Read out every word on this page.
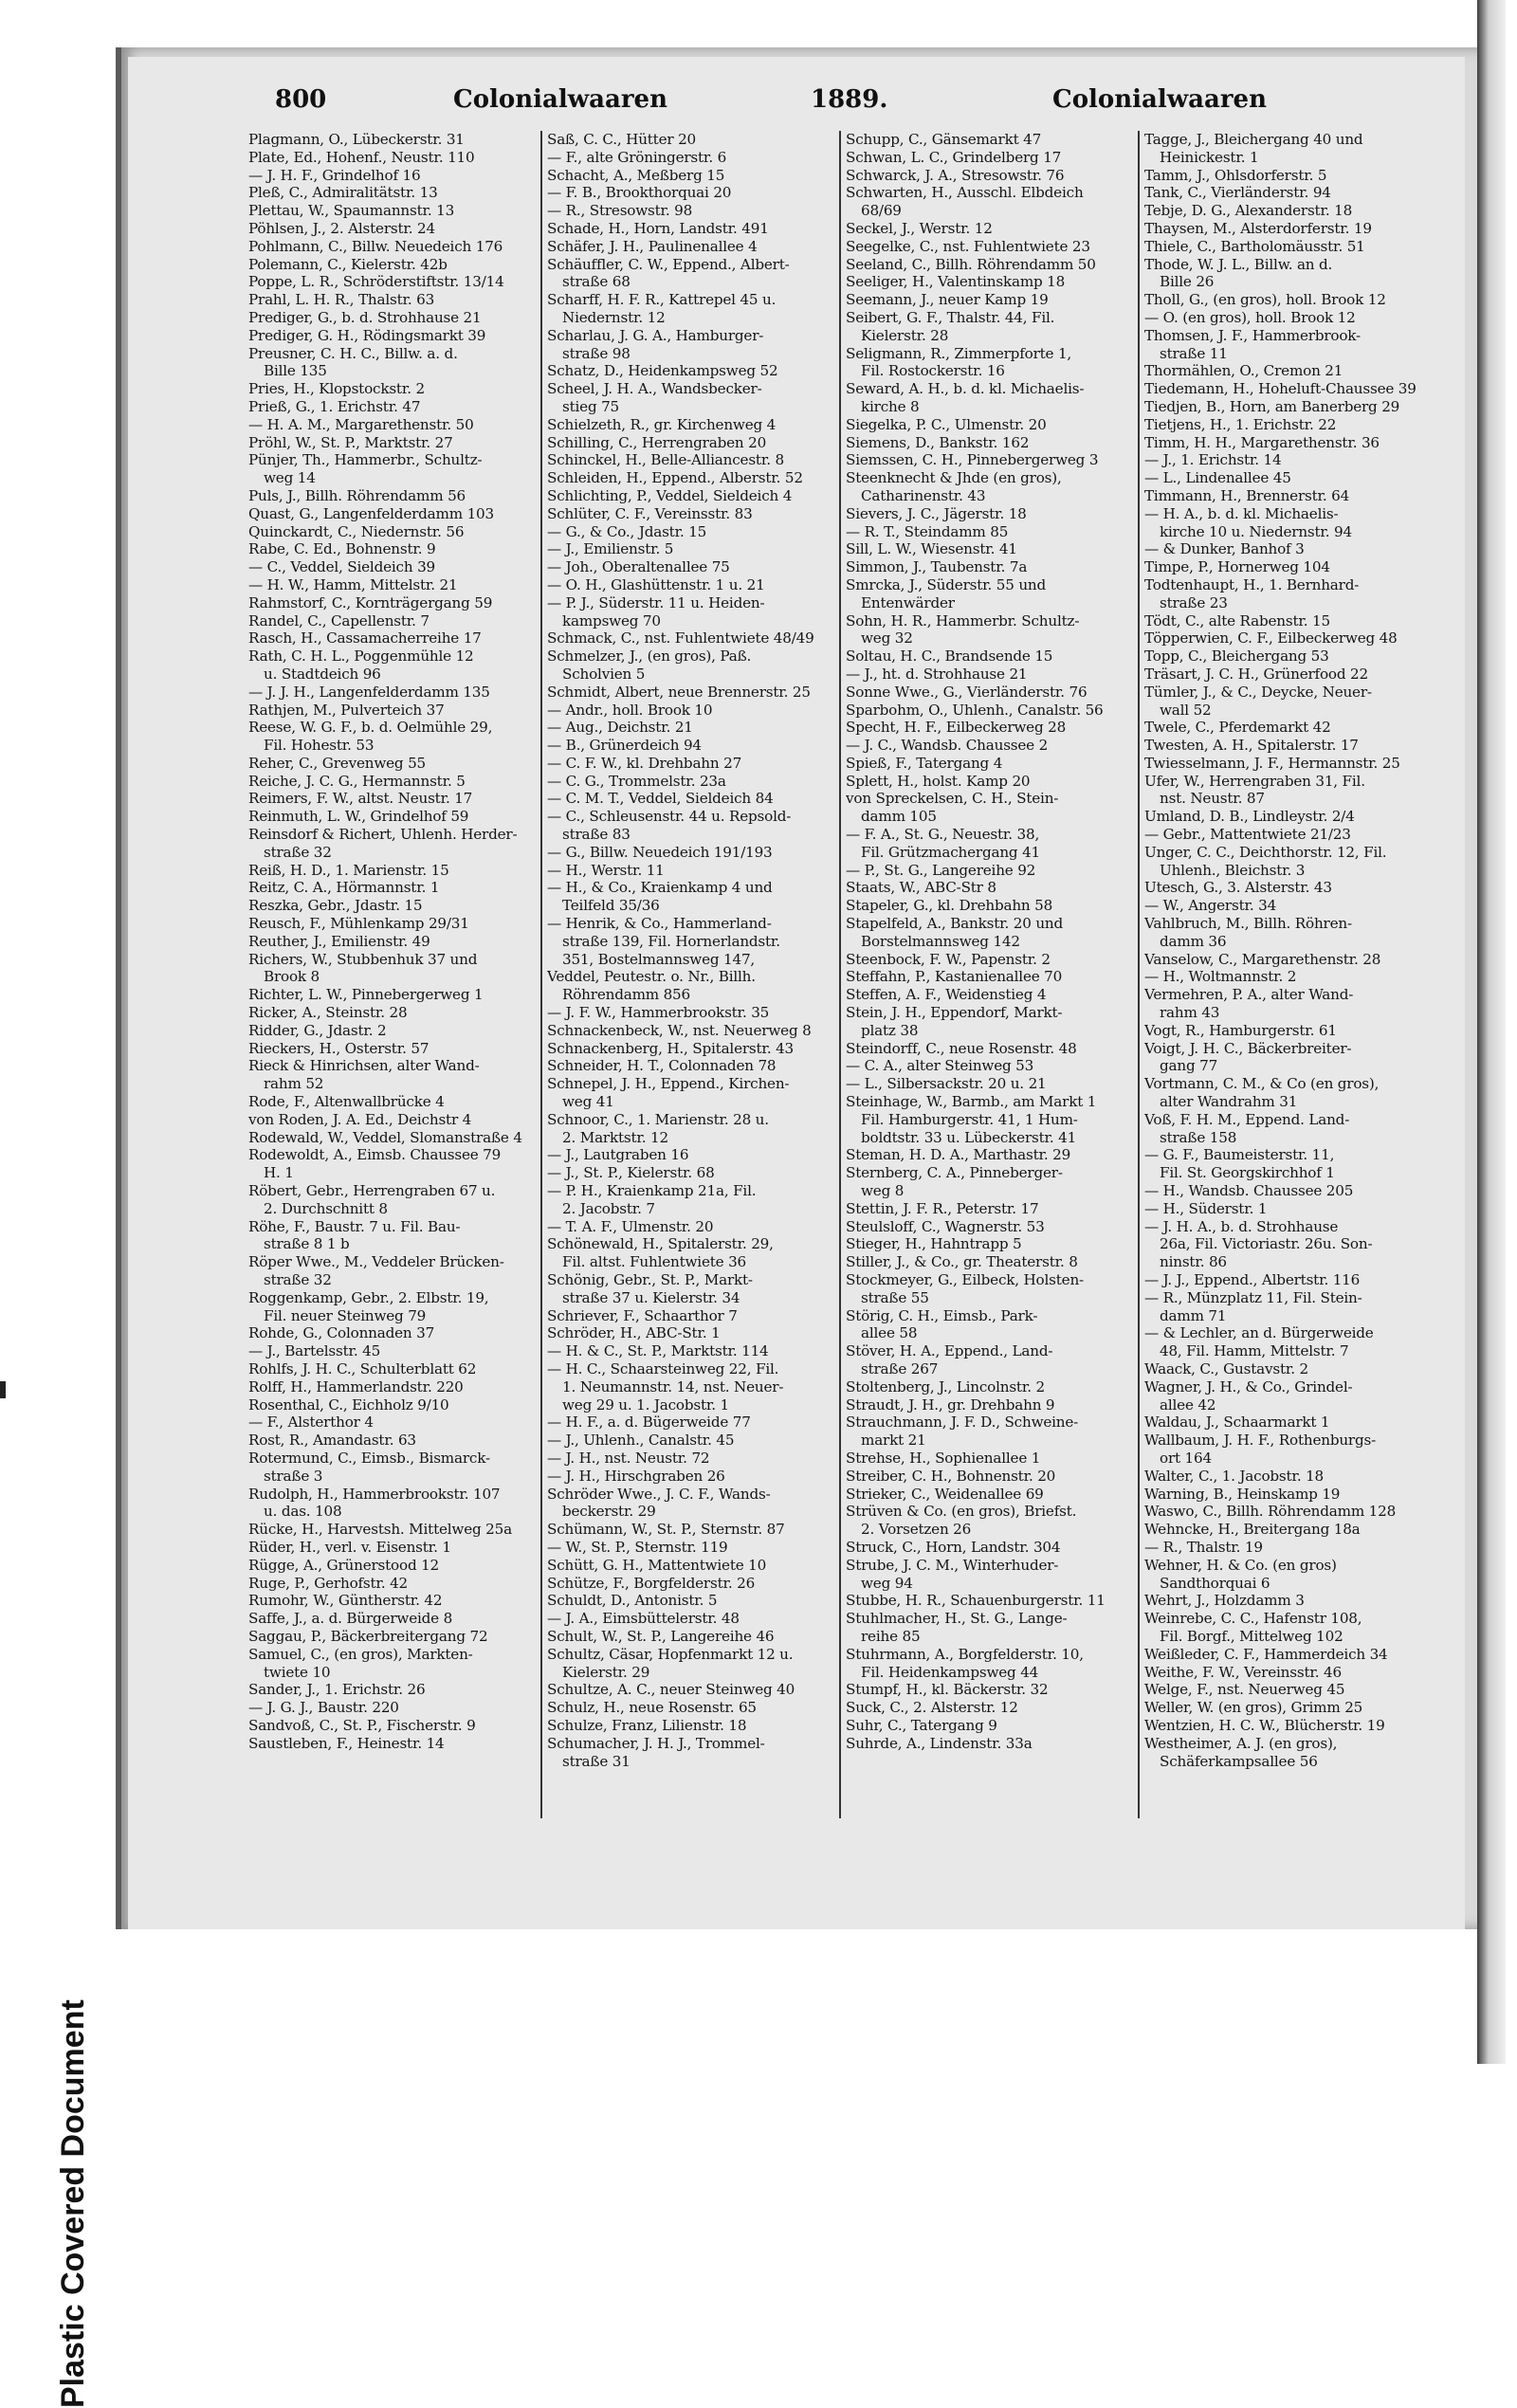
Plastic Covered Document
800	Colonialwaaren	1889.	Colonialwaaren
Plagmann, O., Lübeckerstr. 31
Plate, Ed., Hohenf., Neustr. 110
— J. H. F., Grindelhof 16
Pleß, C., Admiralitätstr. 13
Plettau, W., Spaumannstr. 13
Pöhlsen, J., 2. Alsterstr. 24
Pohlmann, C., Billw. Neuedeich 176
Polemann, C., Kielerstr. 42b
Poppe, L. R., Schröderstiftstr. 13/14
Prahl, L. H. R., Thalstr. 63
Prediger, G., b. d. Strohhause 21
Prediger, G. H., Rödingsmarkt 39
Preusner, C. H. C., Billw. a. d.
Bille 135
Pries, H., Klopstockstr. 2
Prieß, G., 1. Erichstr. 47
— H. A. M., Margarethenstr. 50
Pröhl, W., St. P., Marktstr. 27
Pünjer, Th., Hammerbr., Schultz-
weg 14
Puls, J., Billh. Röhrendamm 56
Quast, G., Langenfelderdamm 103
Quinckardt, C., Niedernstr. 56
Rabe, C. Ed., Bohnenstr. 9
— C., Veddel, Sieldeich 39
— H. W., Hamm, Mittelstr. 21
Rahmstorf, C., Kornträgergang 59
Randel, C., Capellenstr. 7
Rasch, H., Cassamacherreihe 17
Rath, C. H. L., Poggenmühle 12
u. Stadtdeich 96
— J. J. H., Langenfelderdamm 135
Rathjen, M., Pulverteich 37
Reese, W. G. F., b. d. Oelmühle 29,
Fil. Hohestr. 53
Reher, C., Grevenweg 55
Reiche, J. C. G., Hermannstr. 5
Reimers, F. W., altst. Neustr. 17
Reinmuth, L. W., Grindelhof 59
Reinsdorf & Richert, Uhlenh. Herder-
straße 32
Reiß, H. D., 1. Marienstr. 15
Reitz, C. A., Hörmannstr. 1
Reszka, Gebr., Jdastr. 15
Reusch, F., Mühlenkamp 29/31
Reuther, J., Emilienstr. 49
Richers, W., Stubbenhuk 37 und
Brook 8
Richter, L. W., Pinnebergerweg 1
Ricker, A., Steinstr. 28
Ridder, G., Jdastr. 2
Rieckers, H., Osterstr. 57
Rieck & Hinrichsen, alter Wand-
rahm 52
Rode, F., Altenwallbrücke 4
von Roden, J. A. Ed., Deichstr 4
Rodewald, W., Veddel, Slomanstraße 4
Rodewoldt, A., Eimsb. Chaussee 79
H. 1
Röbert, Gebr., Herrengraben 67 u.
2. Durchschnitt 8
Röhe, F., Baustr. 7 u. Fil. Bau-
straße 8 1 b
Röper Wwe., M., Veddeler Brücken-
straße 32
Roggenkamp, Gebr., 2. Elbstr. 19,
Fil. neuer Steinweg 79
Rohde, G., Colonnaden 37
— J., Bartelsstr. 45
Rohlfs, J. H. C., Schulterblatt 62
Rolff, H., Hammerlandstr. 220
Rosenthal, C., Eichholz 9/10
— F., Alsterthor 4
Rost, R., Amandastr. 63
Rotermund, C., Eimsb., Bismarck-
straße 3
Rudolph, H., Hammerbrookstr. 107
u. das. 108
Rücke, H., Harvestsh. Mittelweg 25a
Rüder, H., verl. v. Eisenstr. 1
Rügge, A., Grünerstood 12
Ruge, P., Gerhofstr. 42
Rumohr, W., Güntherstr. 42
Saffe, J., a. d. Bürgerweide 8
Saggau, P., Bäckerbreitergang 72
Samuel, C., (en gros), Markten-
twiete 10
Sander, J., 1. Erichstr. 26
— J. G. J., Baustr. 220
Sandvoß, C., St. P., Fischerstr. 9
Saustleben, F., Heinestr. 14
Saß, C. C., Hütter 20
— F., alte Gröningerstr. 6
Schacht, A., Meßberg 15
— F. B., Brookthorquai 20
— R., Stresowstr. 98
Schade, H., Horn, Landstr. 491
Schäfer, J. H., Paulinenallee 4
Schäuffler, C. W., Eppend., Albert-
straße 68
Scharff, H. F. R., Kattrepel 45 u.
Niedernstr. 12
Scharlau, J. G. A., Hamburger-
straße 98
Schatz, D., Heidenkampsweg 52
Scheel, J. H. A., Wandsbecker-
stieg 75
Schielzeth, R., gr. Kirchenweg 4
Schilling, C., Herrengraben 20
Schinckel, H., Belle-Alliancestr. 8
Schleiden, H., Eppend., Alberstr. 52
Schlichting, P., Veddel, Sieldeich 4
Schlüter, C. F., Vereinsstr. 83
— G., & Co., Jdastr. 15
— J., Emilienstr. 5
— Joh., Oberaltenallee 75
— O. H., Glashüttenstr. 1 u. 21
— P. J., Süderstr. 11 u. Heiden-
kampsweg 70
Schmack, C., nst. Fuhlentwiete 48/49
Schmelzer, J., (en gros), Paß.
Scholvien 5
Schmidt, Albert, neue Brennerstr. 25
— Andr., holl. Brook 10
— Aug., Deichstr. 21
— B., Grünerdeich 94
— C. F. W., kl. Drehbahn 27
— C. G., Trommelstr. 23a
— C. M. T., Veddel, Sieldeich 84
— C., Schleusenstr. 44 u. Repsold-
straße 83
— G., Billw. Neuedeich 191/193
— H., Werstr. 11
— H., & Co., Kraienkamp 4 und
Teilfeld 35/36
— Henrik, & Co., Hammerland-
straße 139, Fil. Hornerlandstr.
351, Bostelmannsweg 147,
Veddel, Peutestr. o. Nr., Billh.
Röhrendamm 856
— J. F. W., Hammerbrookstr. 35
Schnackenbeck, W., nst. Neuerweg 8
Schnackenberg, H., Spitalerstr. 43
Schneider, H. T., Colonnaden 78
Schnepel, J. H., Eppend., Kirchen-
weg 41
Schnoor, C., 1. Marienstr. 28 u.
2. Marktstr. 12
— J., Lautgraben 16
— J., St. P., Kielerstr. 68
— P. H., Kraienkamp 21a, Fil.
2. Jacobstr. 7
— T. A. F., Ulmenstr. 20
Schönewald, H., Spitalerstr. 29,
Fil. altst. Fuhlentwiete 36
Schönig, Gebr., St. P., Markt-
straße 37 u. Kielerstr. 34
Schriever, F., Schaarthor 7
Schröder, H., ABC-Str. 1
— H. & C., St. P., Marktstr. 114
— H. C., Schaarsteinweg 22, Fil.
1. Neumannstr. 14, nst. Neuer-
weg 29 u. 1. Jacobstr. 1
— H. F., a. d. Bügerweide 77
— J., Uhlenh., Canalstr. 45
— J. H., nst. Neustr. 72
— J. H., Hirschgraben 26
Schröder Wwe., J. C. F., Wands-
beckerstr. 29
Schümann, W., St. P., Sternstr. 87
— W., St. P., Sternstr. 119
Schütt, G. H., Mattentwiete 10
Schütze, F., Borgfelderstr. 26
Schuldt, D., Antonistr. 5
— J. A., Eimsbüttelerstr. 48
Schult, W., St. P., Langereihe 46
Schultz, Cäsar, Hopfenmarkt 12 u.
Kielerstr. 29
Schultze, A. C., neuer Steinweg 40
Schulz, H., neue Rosenstr. 65
Schulze, Franz, Lilienstr. 18
Schumacher, J. H. J., Trommel-
straße 31
Schupp, C., Gänsemarkt 47
Schwan, L. C., Grindelberg 17
Schwarck, J. A., Stresowstr. 76
Schwarten, H., Ausschl. Elbdeich
68/69
Seckel, J., Werstr. 12
Seegelke, C., nst. Fuhlentwiete 23
Seeland, C., Billh. Röhrendamm 50
Seeliger, H., Valentinskamp 18
Seemann, J., neuer Kamp 19
Seibert, G. F., Thalstr. 44, Fil.
Kielerstr. 28
Seligmann, R., Zimmerpforte 1,
Fil. Rostockerstr. 16
Seward, A. H., b. d. kl. Michaelis-
kirche 8
Siegelka, P. C., Ulmenstr. 20
Siemens, D., Bankstr. 162
Siemssen, C. H., Pinnebergerweg 3
Steenknecht & Jhde (en gros),
Catharinenstr. 43
Sievers, J. C., Jägerstr. 18
— R. T., Steindamm 85
Sill, L. W., Wiesenstr. 41
Simmon, J., Taubenstr. 7a
Smrcka, J., Süderstr. 55 und
Entenwärder
Sohn, H. R., Hammerbr. Schultz-
weg 32
Soltau, H. C., Brandsende 15
— J., ht. d. Strohhause 21
Sonne Wwe., G., Vierländerstr. 76
Sparbohm, O., Uhlenh., Canalstr. 56
Specht, H. F., Eilbeckerweg 28
— J. C., Wandsb. Chaussee 2
Spieß, F., Tatergang 4
Splett, H., holst. Kamp 20
von Spreckelsen, C. H., Stein-
damm 105
— F. A., St. G., Neuestr. 38,
Fil. Grützmachergang 41
— P., St. G., Langereihe 92
Staats, W., ABC-Str 8
Stapeler, G., kl. Drehbahn 58
Stapelfeld, A., Bankstr. 20 und
Borstelmannsweg 142
Steenbock, F. W., Papenstr. 2
Steffahn, P., Kastanienallee 70
Steffen, A. F., Weidenstieg 4
Stein, J. H., Eppendorf, Markt-
platz 38
Steindorff, C., neue Rosenstr. 48
— C. A., alter Steinweg 53
— L., Silbersackstr. 20 u. 21
Steinhage, W., Barmb., am Markt 1
Fil. Hamburgerstr. 41, 1 Hum-
boldtstr. 33 u. Lübeckerstr. 41
Steman, H. D. A., Marthastr. 29
Sternberg, C. A., Pinneberger-
weg 8
Stettin, J. F. R., Peterstr. 17
Steulsloff, C., Wagnerstr. 53
Stieger, H., Hahntrapp 5
Stiller, J., & Co., gr. Theaterstr. 8
Stockmeyer, G., Eilbeck, Holsten-
straße 55
Störig, C. H., Eimsb., Park-
allee 58
Stöver, H. A., Eppend., Land-
straße 267
Stoltenberg, J., Lincolnstr. 2
Straudt, J. H., gr. Drehbahn 9
Strauchmann, J. F. D., Schweine-
markt 21
Strehse, H., Sophienallee 1
Streiber, C. H., Bohnenstr. 20
Strieker, C., Weidenallee 69
Strüven & Co. (en gros), Briefst.
2. Vorsetzen 26
Struck, C., Horn, Landstr. 304
Strube, J. C. M., Winterhuder-
weg 94
Stubbe, H. R., Schauenburgerstr. 11
Stuhlmacher, H., St. G., Lange-
reihe 85
Stuhrmann, A., Borgfelderstr. 10,
Fil. Heidenkampsweg 44
Stumpf, H., kl. Bäckerstr. 32
Suck, C., 2. Alsterstr. 12
Suhr, C., Tatergang 9
Suhrde, A., Lindenstr. 33a
Tagge, J., Bleichergang 40 und
Heinickestr. 1
Tamm, J., Ohlsdorferstr. 5
Tank, C., Vierländerstr. 94
Tebje, D. G., Alexanderstr. 18
Thaysen, M., Alsterdorferstr. 19
Thiele, C., Bartholomäusstr. 51
Thode, W. J. L., Billw. an d.
Bille 26
Tholl, G., (en gros), holl. Brook 12
— O. (en gros), holl. Brook 12
Thomsen, J. F., Hammerbrook-
straße 11
Thormählen, O., Cremon 21
Tiedemann, H., Hoheluft-Chaussee 39
Tiedjen, B., Horn, am Banerberg 29
Tietjens, H., 1. Erichstr. 22
Timm, H. H., Margarethenstr. 36
— J., 1. Erichstr. 14
— L., Lindenallee 45
Timmann, H., Brennerstr. 64
— H. A., b. d. kl. Michaelis-
kirche 10 u. Niedernstr. 94
— & Dunker, Banhof 3
Timpe, P., Hornerweg 104
Todtenhaupt, H., 1. Bernhard-
straße 23
Tödt, C., alte Rabenstr. 15
Töpperwien, C. F., Eilbeckerweg 48
Topp, C., Bleichergang 53
Träsart, J. C. H., Grünerfood 22
Tümler, J., & C., Deycke, Neuer-
wall 52
Twele, C., Pferdemarkt 42
Twesten, A. H., Spitalerstr. 17
Twiesselmann, J. F., Hermannstr. 25
Ufer, W., Herrengraben 31, Fil.
nst. Neustr. 87
Umland, D. B., Lindleystr. 2/4
— Gebr., Mattentwiete 21/23
Unger, C. C., Deichthorstr. 12, Fil.
Uhlenh., Bleichstr. 3
Utesch, G., 3. Alsterstr. 43
— W., Angerstr. 34
Vahlbruch, M., Billh. Röhren-
damm 36
Vanselow, C., Margarethenstr. 28
— H., Woltmannstr. 2
Vermehren, P. A., alter Wand-
rahm 43
Vogt, R., Hamburgerstr. 61
Voigt, J. H. C., Bäckerbreiter-
gang 77
Vortmann, C. M., & Co (en gros),
alter Wandrahm 31
Voß, F. H. M., Eppend. Land-
straße 158
— G. F., Baumeisterstr. 11,
Fil. St. Georgskirchhof 1
— H., Wandsb. Chaussee 205
— H., Süderstr. 1
— J. H. A., b. d. Strohhause
26a, Fil. Victoriastr. 26u. Son-
ninstr. 86
— J. J., Eppend., Albertstr. 116
— R., Münzplatz 11, Fil. Stein-
damm 71
— & Lechler, an d. Bürgerweide
48, Fil. Hamm, Mittelstr. 7
Waack, C., Gustavstr. 2
Wagner, J. H., & Co., Grindel-
allee 42
Waldau, J., Schaarmarkt 1
Wallbaum, J. H. F., Rothenburgs-
ort 164
Walter, C., 1. Jacobstr. 18
Warning, B., Heinskamp 19
Waswo, C., Billh. Röhrendamm 128
Wehncke, H., Breitergang 18a
— R., Thalstr. 19
Wehner, H. & Co. (en gros)
Sandthorquai 6
Wehrt, J., Holzdamm 3
Weinrebe, C. C., Hafenstr 108,
Fil. Borgf., Mittelweg 102
Weißleder, C. F., Hammerdeich 34
Weithe, F. W., Vereinsstr. 46
Welge, F., nst. Neuerweg 45
Weller, W. (en gros), Grimm 25
Wentzien, H. C. W., Blücherstr. 19
Westheimer, A. J. (en gros),
Schäferkampsallee 56
